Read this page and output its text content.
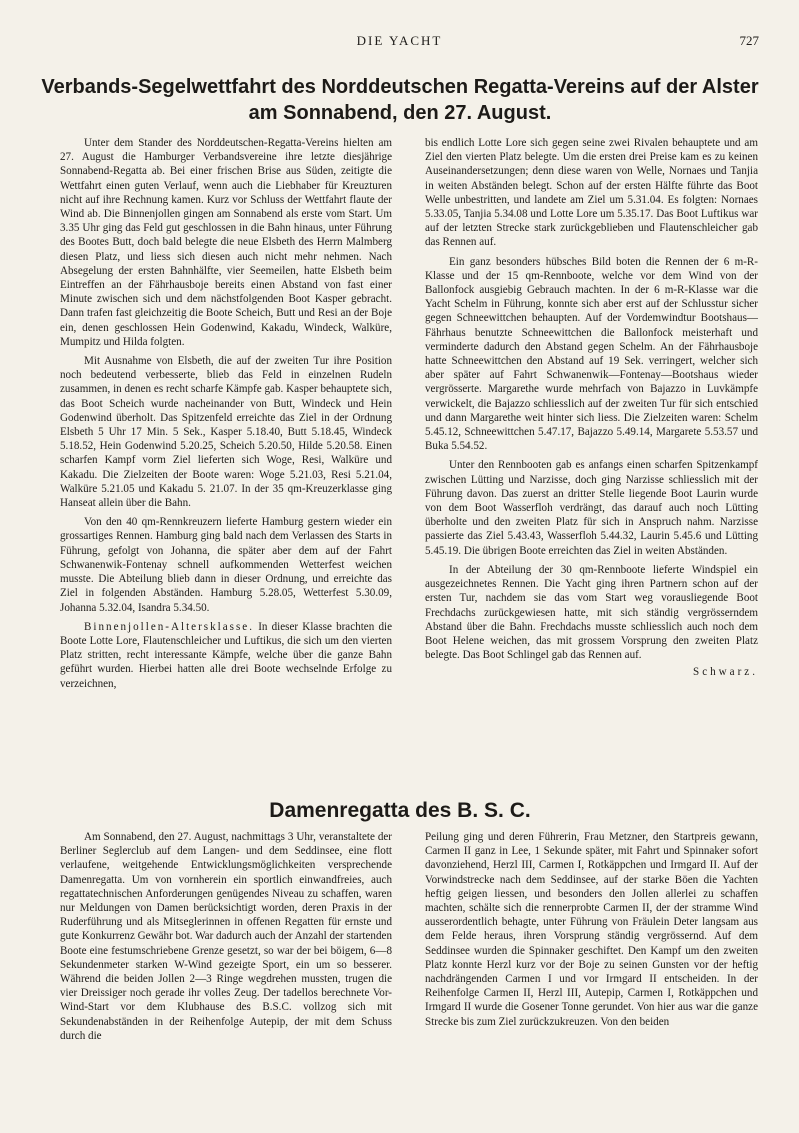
DIE YACHT	727
Verbands-Segelwettfahrt des Norddeutschen Regatta-Vereins auf der Alster
am Sonnabend, den 27. August.

Unter dem Stander des Norddeutschen-Regatta-Vereins hielten am 27. August die Hamburger Verbandsvereine ihre letzte diesjährige Sonnabend-Regatta ab. Bei einer frischen Brise aus Süden, zeitigte die Wettfahrt einen guten Verlauf, wenn auch die Liebhaber für Kreuzturen nicht auf ihre Rechnung kamen. Kurz vor Schluss der Wettfahrt flaute der Wind ab. Die Binnenjollen gingen am Sonnabend als erste vom Start. Um 3.35 Uhr ging das Feld gut geschlossen in die Bahn hinaus, unter Führung des Bootes Butt, doch bald belegte die neue Elsbeth des Herrn Malmberg diesen Platz, und liess sich diesen auch nicht mehr nehmen. Nach Absegelung der ersten Bahnhälfte, vier Seemeilen, hatte Elsbeth beim Eintreffen an der Fährhausboje bereits einen Abstand von fast einer Minute zwischen sich und dem nächstfolgenden Boot Kasper gebracht. Dann trafen fast gleichzeitig die Boote Scheich, Butt und Resi an der Boje ein, denen geschlossen Hein Godenwind, Kakadu, Windeck, Walküre, Mumpitz und Hilda folgten.

Mit Ausnahme von Elsbeth, die auf der zweiten Tur ihre Position noch bedeutend verbesserte, blieb das Feld in einzelnen Rudeln zusammen, in denen es recht scharfe Kämpfe gab. Kasper behauptete sich, das Boot Scheich wurde nacheinander von Butt, Windeck und Hein Godenwind überholt. Das Spitzenfeld erreichte das Ziel in der Ordnung Elsbeth 5 Uhr 17 Min. 5 Sek., Kasper 5.18.40, Butt 5.18.45, Windeck 5.18.52, Hein Godenwind 5.20.25, Scheich 5.20.50, Hilde 5.20.58. Einen scharfen Kampf vorm Ziel lieferten sich Woge, Resi, Walküre und Kakadu. Die Zielzeiten der Boote waren: Woge 5.21.03, Resi 5.21.04, Walküre 5.21.05 und Kakadu 5. 21.07. In der 35 qm-Kreuzerklasse ging Hanseat allein über die Bahn.

Von den 40 qm-Rennkreuzern lieferte Hamburg gestern wieder ein grossartiges Rennen. Hamburg ging bald nach dem Verlassen des Starts in Führung, gefolgt von Johanna, die später aber dem auf der Fahrt Schwanenwik-Fontenay schnell aufkommenden Wetterfest weichen musste. Die Abteilung blieb dann in dieser Ordnung, und erreichte das Ziel in folgenden Abständen. Hamburg 5.28.05, Wetterfest 5.30.09, Johanna 5.32.04, Isandra 5.34.50.

Binnenjollen-Altersklasse. In dieser Klasse brachten die Boote Lotte Lore, Flautenschleicher und Luftikus, die sich um den vierten Platz stritten, recht interessante Kämpfe, welche über die ganze Bahn geführt wurden. Hierbei hatten alle drei Boote wechselnde Erfolge zu verzeichnen,

bis endlich Lotte Lore sich gegen seine zwei Rivalen behauptete und am Ziel den vierten Platz belegte. Um die ersten drei Preise kam es zu keinen Auseinandersetzungen; denn diese waren von Welle, Nornaes und Tanjia in weiten Abständen belegt. Schon auf der ersten Hälfte führte das Boot Welle unbestritten, und landete am Ziel um 5.31.04. Es folgten: Nornaes 5.33.05, Tanjia 5.34.08 und Lotte Lore um 5.35.17. Das Boot Luftikus war auf der letzten Strecke stark zurückgeblieben und Flautenschleicher gab das Rennen auf.

Ein ganz besonders hübsches Bild boten die Rennen der 6 m-R-Klasse und der 15 qm-Rennboote, welche vor dem Wind von der Ballonfock ausgiebig Gebrauch machten. In der 6 m-R-Klasse war die Yacht Schelm in Führung, konnte sich aber erst auf der Schlusstur sicher gegen Schneewittchen behaupten. Auf der Vordemwindtur Bootshaus—Fährhaus benutzte Schneewittchen die Ballonfock meisterhaft und verminderte dadurch den Abstand gegen Schelm. An der Fährhausboje hatte Schneewittchen den Abstand auf 19 Sek. verringert, welcher sich aber später auf Fahrt Schwanenwik—Fontenay—Bootshaus wieder vergrösserte. Margarethe wurde mehrfach von Bajazzo in Luvkämpfe verwickelt, die Bajazzo schliesslich auf der zweiten Tur für sich entschied und dann Margarethe weit hinter sich liess. Die Zielzeiten waren: Schelm 5.45.12, Schneewittchen 5.47.17, Bajazzo 5.49.14, Margarete 5.53.57 und Buka 5.54.52.

Unter den Rennbooten gab es anfangs einen scharfen Spitzenkampf zwischen Lütting und Narzisse, doch ging Narzisse schliesslich mit der Führung davon. Das zuerst an dritter Stelle liegende Boot Laurin wurde von dem Boot Wasserfloh verdrängt, das darauf auch noch Lütting überholte und den zweiten Platz für sich in Anspruch nahm. Narzisse passierte das Ziel 5.43.43, Wasserfloh 5.44.32, Laurin 5.45.6 und Lütting 5.45.19. Die übrigen Boote erreichten das Ziel in weiten Abständen.

In der Abteilung der 30 qm-Rennboote lieferte Windspiel ein ausgezeichnetes Rennen. Die Yacht ging ihren Partnern schon auf der ersten Tur, nachdem sie das vom Start weg vorausliegende Boot Frechdachs zurückgewiesen hatte, mit sich ständig vergrösserndem Abstand über die Bahn. Frechdachs musste schliesslich auch noch dem Boot Helene weichen, das mit grossem Vorsprung den zweiten Platz belegte. Das Boot Schlingel gab das Rennen auf.

Schwarz.
Damenregatta des B. S. C.

Am Sonnabend, den 27. August, nachmittags 3 Uhr, veranstaltete der Berliner Seglerclub auf dem Langen- und dem Seddinsee, eine flott verlaufene, weitgehende Entwicklungsmöglichkeiten versprechende Damenregatta. Um von vornherein ein sportlich einwandfreies, auch regattatechnischen Anforderungen genügendes Niveau zu schaffen, waren nur Meldungen von Damen berücksichtigt worden, deren Praxis in der Ruderführung und als Mitseglerinnen in offenen Regatten für ernste und gute Konkurrenz Gewähr bot. War dadurch auch der Anzahl der startenden Boote eine festumschriebene Grenze gesetzt, so war der bei böigem, 6—8 Sekundenmeter starken W-Wind gezeigte Sport, ein um so besserer. Während die beiden Jollen 2—3 Ringe wegdrehen mussten, trugen die vier Dreissiger noch gerade ihr volles Zeug. Der tadellos berechnete Vor-Wind-Start vor dem Klubhause des B.S.C. vollzog sich mit Sekundenabständen in der Reihenfolge Autepip, der mit dem Schuss durch die

Peilung ging und deren Führerin, Frau Metzner, den Startpreis gewann, Carmen II ganz in Lee, 1 Sekunde später, mit Fahrt und Spinnaker sofort davonziehend, Herzl III, Carmen I, Rotkäppchen und Irmgard II. Auf der Vorwindstrecke nach dem Seddinsee, auf der starke Böen die Yachten heftig geigen liessen, und besonders den Jollen allerlei zu schaffen machten, schälte sich die rennerprobte Carmen II, der der stramme Wind ausserordentlich behagte, unter Führung von Fräulein Deter langsam aus dem Felde heraus, ihren Vorsprung ständig vergrössernd. Auf dem Seddinsee wurden die Spinnaker geschiftet. Den Kampf um den zweiten Platz konnte Herzl kurz vor der Boje zu seinen Gunsten vor der heftig nachdrängenden Carmen I und vor Irmgard II entscheiden. In der Reihenfolge Carmen II, Herzl III, Autepip, Carmen I, Rotkäppchen und Irmgard II wurde die Gosener Tonne gerundet. Von hier aus war die ganze Strecke bis zum Ziel zurückzukreuzen. Von den beiden
